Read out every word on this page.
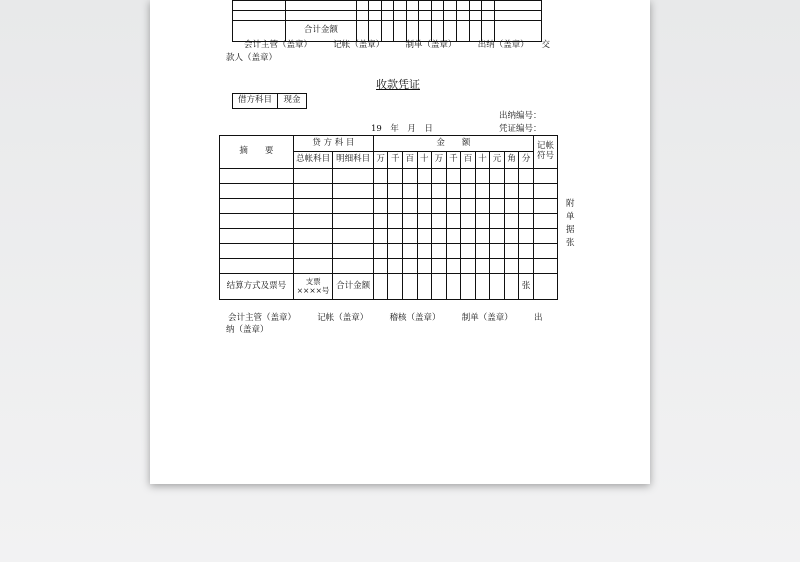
	合计金额												
会计主管（盖章）　　　记帐（盖章）　　　制单（盖章）　　　出纳（盖章）　　交
款人（盖章）
收款凭证
借方科目	现金
出纳编号：
凭证编号：
19　年　月　日
摘　　要	贷 方 科 目		金　　额											记帐符号
	总帐科目	明细科目	万	千	百	十	万	千	百	十	元	角	分	

结算方式及票号	支票××××号	合计金额											张	
附
单
据
张
会计主管（盖章）　　　记帐（盖章）　　　稽核（盖章）　　　制单（盖章）　　　出
纳（盖章）
